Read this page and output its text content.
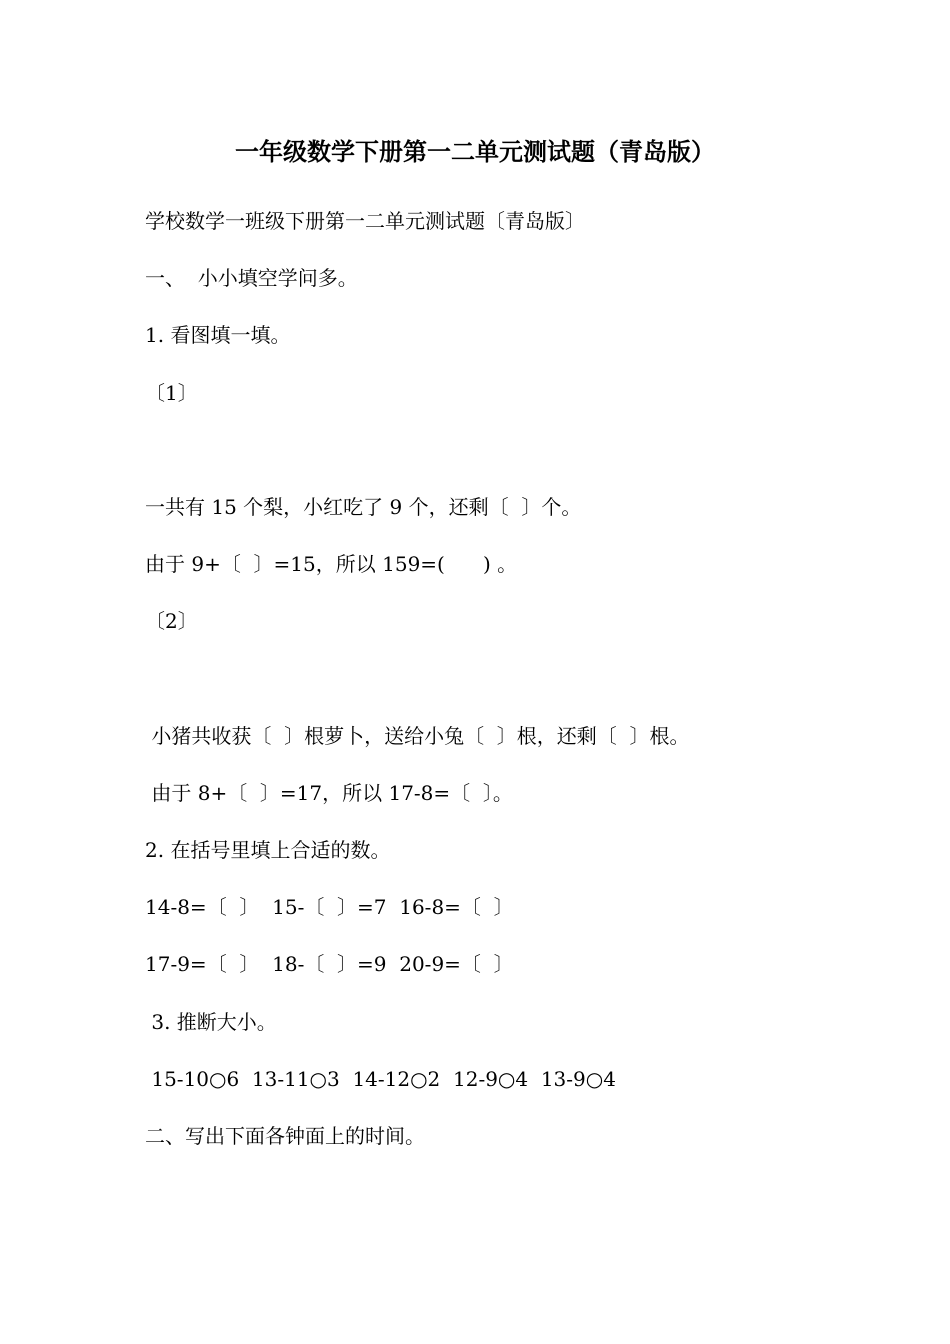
一年级数学下册第一二单元测试题（青岛版）
学校数学一班级下册第一二单元测试题〔青岛版〕
一、  小小填空学问多。
1. 看图填一填。
〔1〕
一共有 15 个梨，小红吃了 9 个，还剩〔  〕个。
由于 9+〔  〕=15，所以 159=(      ) 。
〔2〕
小猪共收获〔  〕根萝卜，送给小兔〔  〕根，还剩〔  〕根。
由于 8+〔  〕=17，所以 17-8=〔  〕。
2. 在括号里填上合适的数。
14-8=〔  〕  15-〔  〕=7  16-8=〔  〕
17-9=〔  〕  18-〔  〕=9  20-9=〔  〕
3. 推断大小。
15-10○6  13-11○3  14-12○2  12-9○4  13-9○4
二、写出下面各钟面上的时间。
